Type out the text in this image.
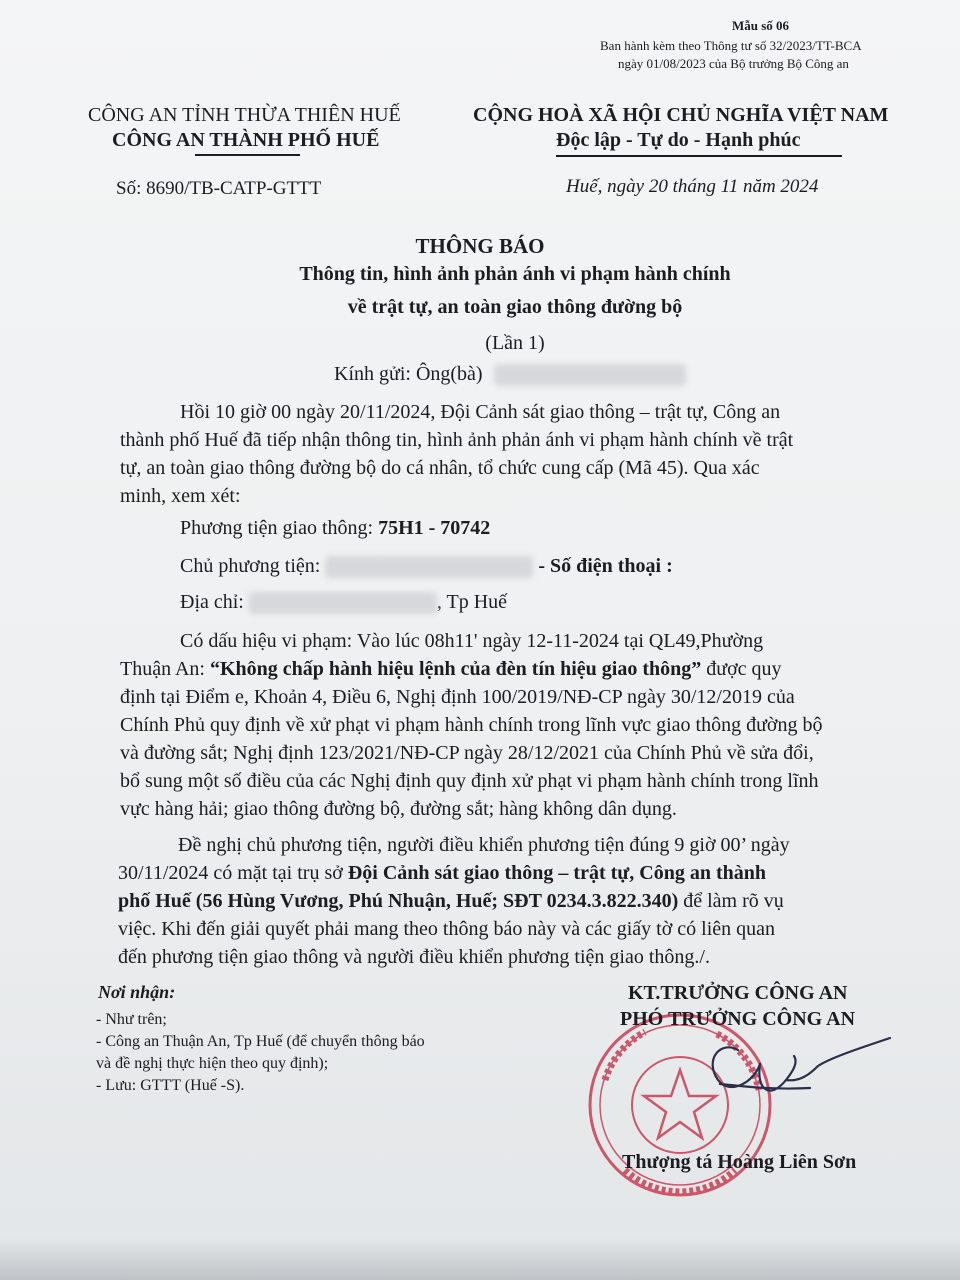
Mẫu số 06
Ban hành kèm theo Thông tư số 32/2023/TT-BCA
ngày 01/08/2023 của Bộ trưởng Bộ Công an
CÔNG AN TỈNH THỪA THIÊN HUẾ
CÔNG AN THÀNH PHỐ HUẾ
Số: 8690/TB-CATP-GTTT
CỘNG HOÀ XÃ HỘI CHỦ NGHĨA VIỆT NAM
Độc lập - Tự do - Hạnh phúc
Huế, ngày 20 tháng 11 năm 2024
THÔNG BÁO
Thông tin, hình ảnh phản ánh vi phạm hành chính
về trật tự, an toàn giao thông đường bộ
(Lần 1)
Kính gửi: Ông(bà)
Hồi 10 giờ 00 ngày 20/11/2024, Đội Cảnh sát giao thông – trật tự, Công an
thành phố Huế đã tiếp nhận thông tin, hình ảnh phản ánh vi phạm hành chính về trật
tự, an toàn giao thông đường bộ do cá nhân, tổ chức cung cấp (Mã 45). Qua xác
minh, xem xét:
Phương tiện giao thông: 75H1 - 70742
Chủ phương tiện:	- Số điện thoại :
Địa chỉ:	, Tp Huế
Có dấu hiệu vi phạm: Vào lúc 08h11' ngày 12-11-2024 tại QL49,Phường
Thuận An: “Không chấp hành hiệu lệnh của đèn tín hiệu giao thông” được quy
định tại Điểm e, Khoản 4, Điều 6, Nghị định 100/2019/NĐ-CP ngày 30/12/2019 của
Chính Phủ quy định về xử phạt vi phạm hành chính trong lĩnh vực giao thông đường bộ
và đường sắt; Nghị định 123/2021/NĐ-CP ngày 28/12/2021 của Chính Phủ về sửa đổi,
bổ sung một số điều của các Nghị định quy định xử phạt vi phạm hành chính trong lĩnh
vực hàng hải; giao thông đường bộ, đường sắt; hàng không dân dụng.
Đề nghị chủ phương tiện, người điều khiển phương tiện đúng 9 giờ 00’ ngày
30/11/2024 có mặt tại trụ sở Đội Cảnh sát giao thông – trật tự, Công an thành
phố Huế (56 Hùng Vương, Phú Nhuận, Huế; SĐT 0234.3.822.340) để làm rõ vụ
việc. Khi đến giải quyết phải mang theo thông báo này và các giấy tờ có liên quan
đến phương tiện giao thông và người điều khiển phương tiện giao thông./.
Nơi nhận:
- Như trên;
- Công an Thuận An, Tp Huế (để chuyển thông báo
và đề nghị thực hiện theo quy định);
- Lưu: GTTT (Huế -S).
KT.TRƯỞNG CÔNG AN
PHÓ TRƯỞNG CÔNG AN
Thượng tá Hoàng Liên Sơn
